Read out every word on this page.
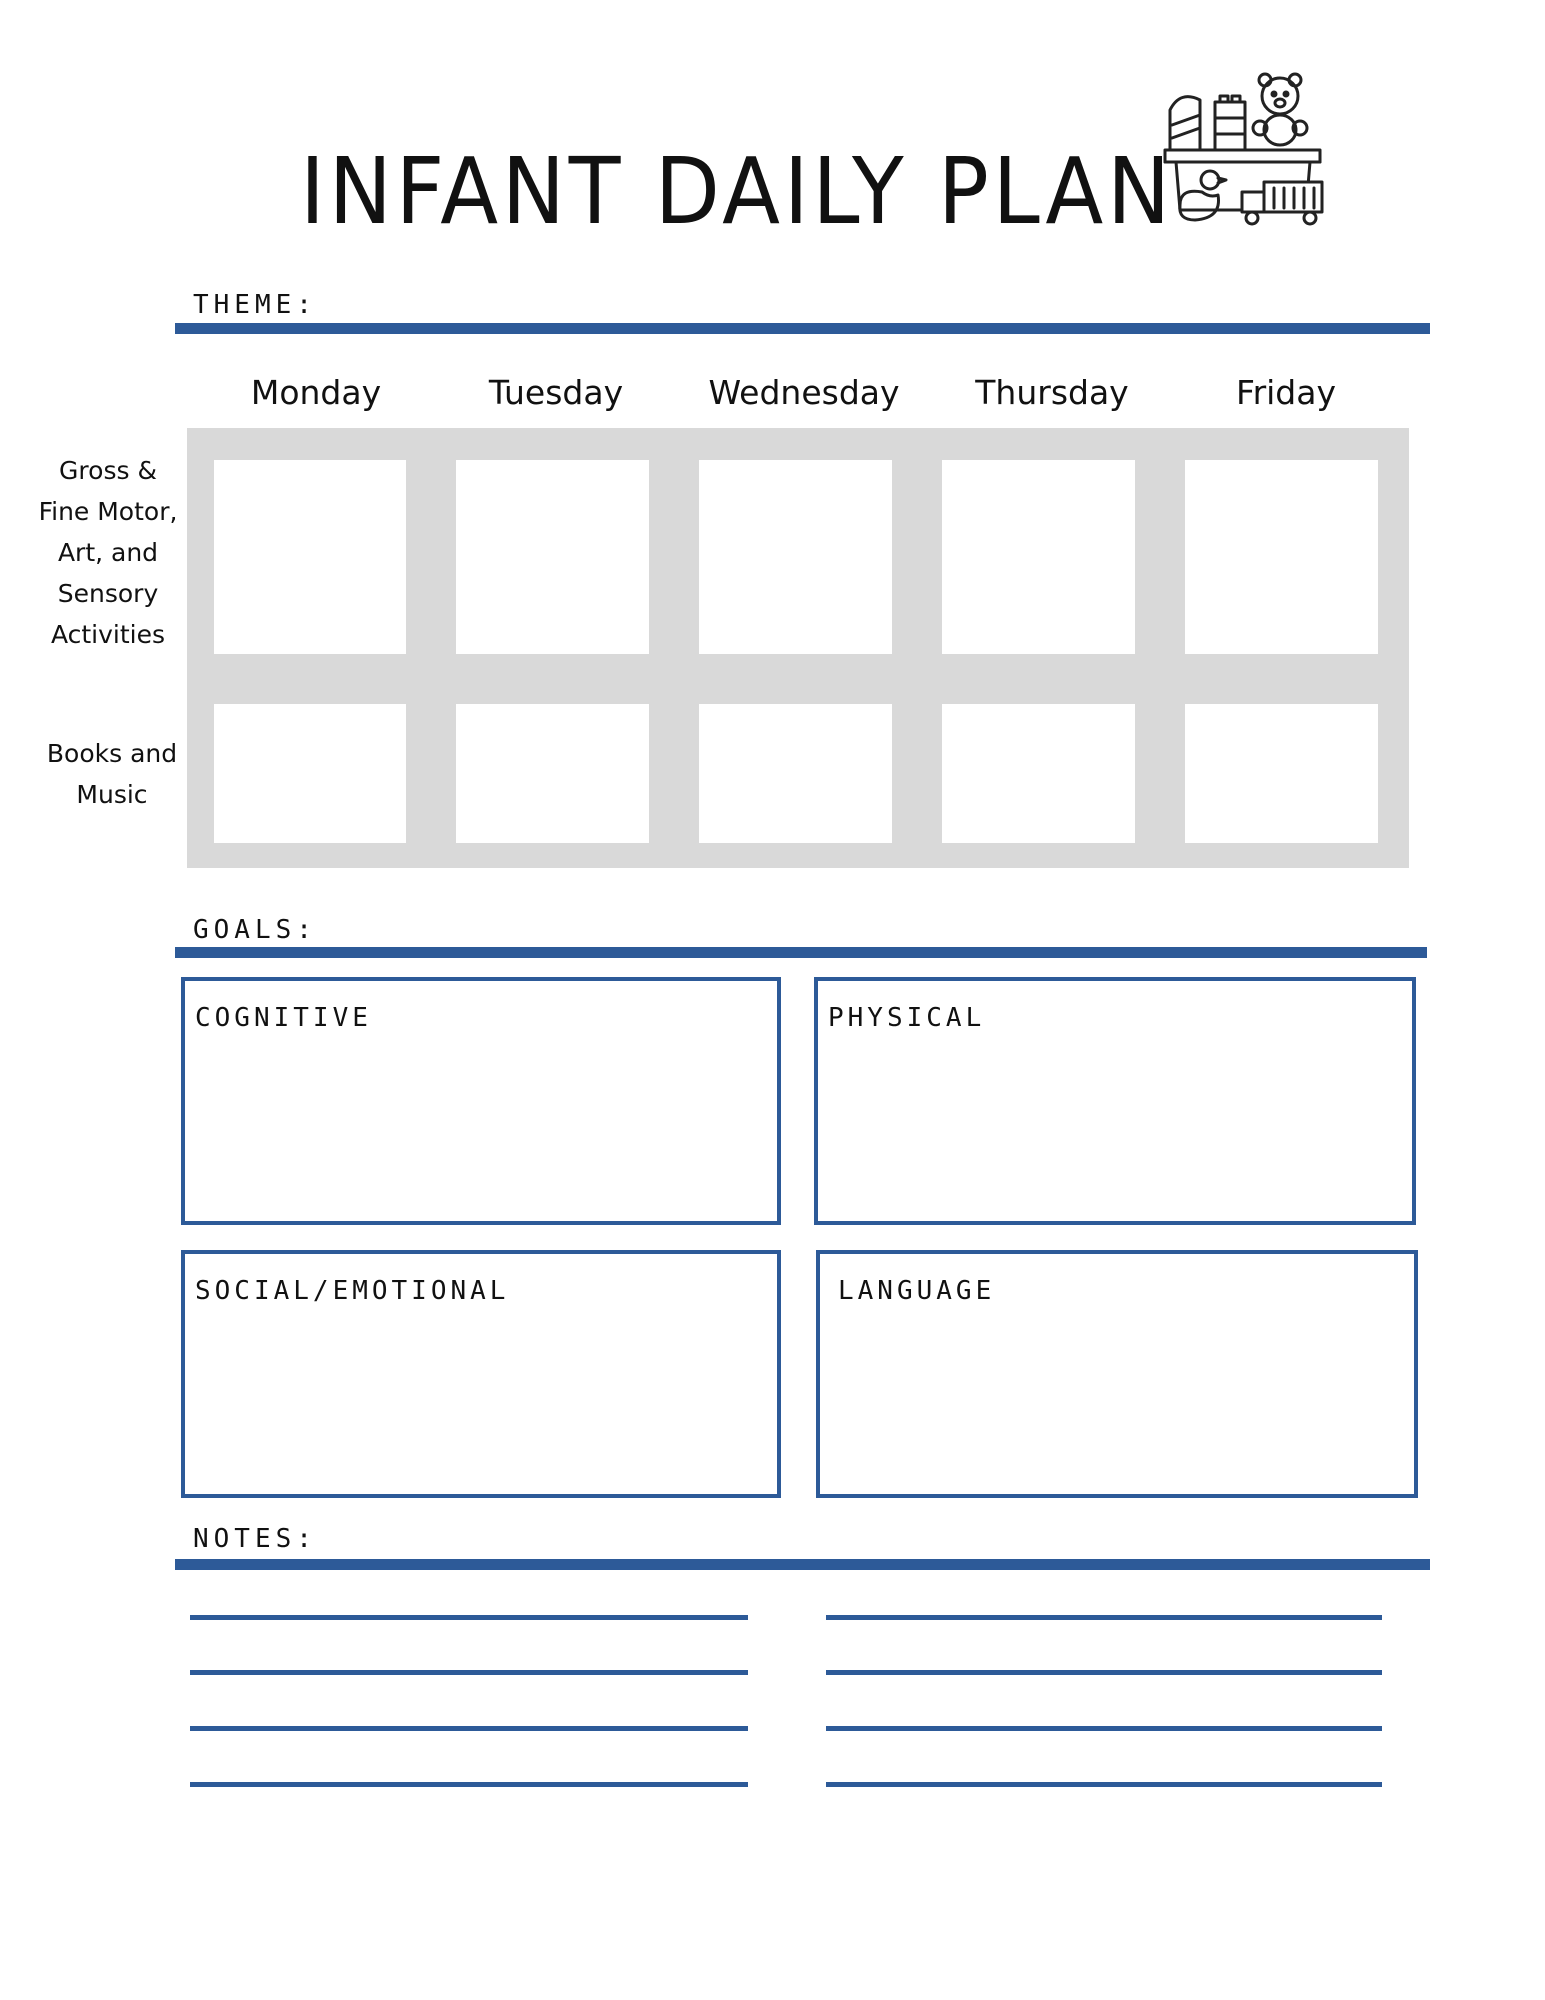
INFANT DAILY PLAN
THEME:
Monday	Tuesday	Wednesday	Thursday	Friday
Gross &
Fine Motor,
Art, and
Sensory
Activities
Books and
Music
GOALS:
COGNITIVE	PHYSICAL
SOCIAL/EMOTIONAL	LANGUAGE
NOTES:
